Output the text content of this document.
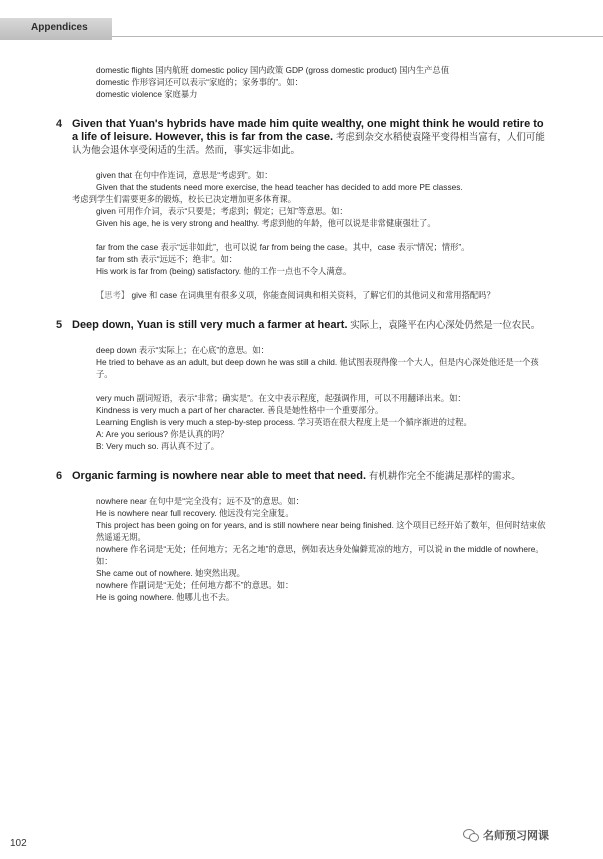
Appendices

domestic flights 国内航班 domestic policy 国内政策 GDP (gross domestic product) 国内生产总值

domestic 作形容词还可以表示“家庭的；家务事的”。如：

domestic violence 家庭暴力

4 Given that Yuan's hybrids have made him quite wealthy, one might think he would retire to a life of leisure. However, this is far from the case. 考虑到杂交水稻使袁隆平变得相当富有，人们可能认为他会退休享受闲适的生活。然而，事实远非如此。

given that 在句中作连词，意思是“考虑到”。如：

Given that the students need more exercise, the head teacher has decided to add more PE classes.

考虑到学生们需要更多的锻炼，校长已决定增加更多体育课。

given 可用作介词，表示“只要是；考虑到；假定；已知”等意思。如：

Given his age, he is very strong and healthy. 考虑到他的年龄，他可以说是非常健康强壮了。

far from the case 表示“远非如此”，也可以说 far from being the case。其中，case 表示“情况；情形”。

far from sth 表示“远远不；绝非”。如：

His work is far from (being) satisfactory. 他的工作一点也不令人满意。

【思考】 give 和 case 在词典里有很多义项，你能查阅词典和相关资料，了解它们的其他词义和常用搭配吗？

5 Deep down, Yuan is still very much a farmer at heart. 实际上，袁隆平在内心深处仍然是一位农民。

deep down 表示“实际上；在心底”的意思。如：

He tried to behave as an adult, but deep down he was still a child. 他试图表现得像一个大人，但是内心深处他还是一个孩子。

very much 副词短语，表示“非常；确实是”。在文中表示程度，起强调作用，可以不用翻译出来。如：

Kindness is very much a part of her character. 善良是她性格中一个重要部分。

Learning English is very much a step-by-step process. 学习英语在很大程度上是一个循序渐进的过程。

A: Are you serious? 你是认真的吗？

B: Very much so. 再认真不过了。

6 Organic farming is nowhere near able to meet that need. 有机耕作完全不能满足那样的需求。

nowhere near 在句中是“完全没有；远不及”的意思。如：

He is nowhere near full recovery. 他远没有完全康复。

This project has been going on for years, and is still nowhere near being finished. 这个项目已经开始了数年，但何时结束依然遥遥无期。

nowhere 作名词是“无处；任何地方；无名之地”的意思，例如表达身处偏僻荒凉的地方，可以说 in the middle of nowhere。如：

She came out of nowhere. 她突然出现。

nowhere 作副词是“无处；任何地方都不”的意思。如：

He is going nowhere. 他哪儿也不去。

102
名师预习网课
